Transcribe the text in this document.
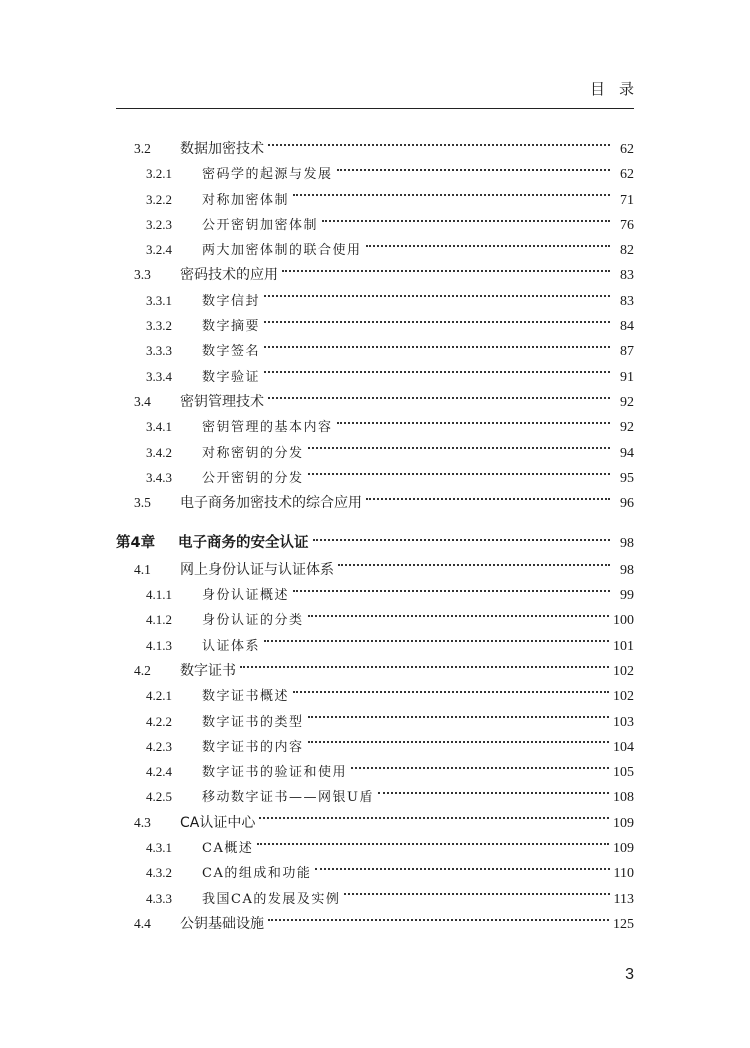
目录
3.2	数据加密技术	62
3.2.1	密码学的起源与发展	62
3.2.2	对称加密体制	71
3.2.3	公开密钥加密体制	76
3.2.4	两大加密体制的联合使用	82
3.3	密码技术的应用	83
3.3.1	数字信封	83
3.3.2	数字摘要	84
3.3.3	数字签名	87
3.3.4	数字验证	91
3.4	密钥管理技术	92
3.4.1	密钥管理的基本内容	92
3.4.2	对称密钥的分发	94
3.4.3	公开密钥的分发	95
3.5	电子商务加密技术的综合应用	96
第4章	电子商务的安全认证	98
4.1	网上身份认证与认证体系	98
4.1.1	身份认证概述	99
4.1.2	身份认证的分类	100
4.1.3	认证体系	101
4.2	数字证书	102
4.2.1	数字证书概述	102
4.2.2	数字证书的类型	103
4.2.3	数字证书的内容	104
4.2.4	数字证书的验证和使用	105
4.2.5	移动数字证书——网银U盾	108
4.3	CA认证中心	109
4.3.1	CA概述	109
4.3.2	CA的组成和功能	110
4.3.3	我国CA的发展及实例	113
4.4	公钥基础设施	125
3
